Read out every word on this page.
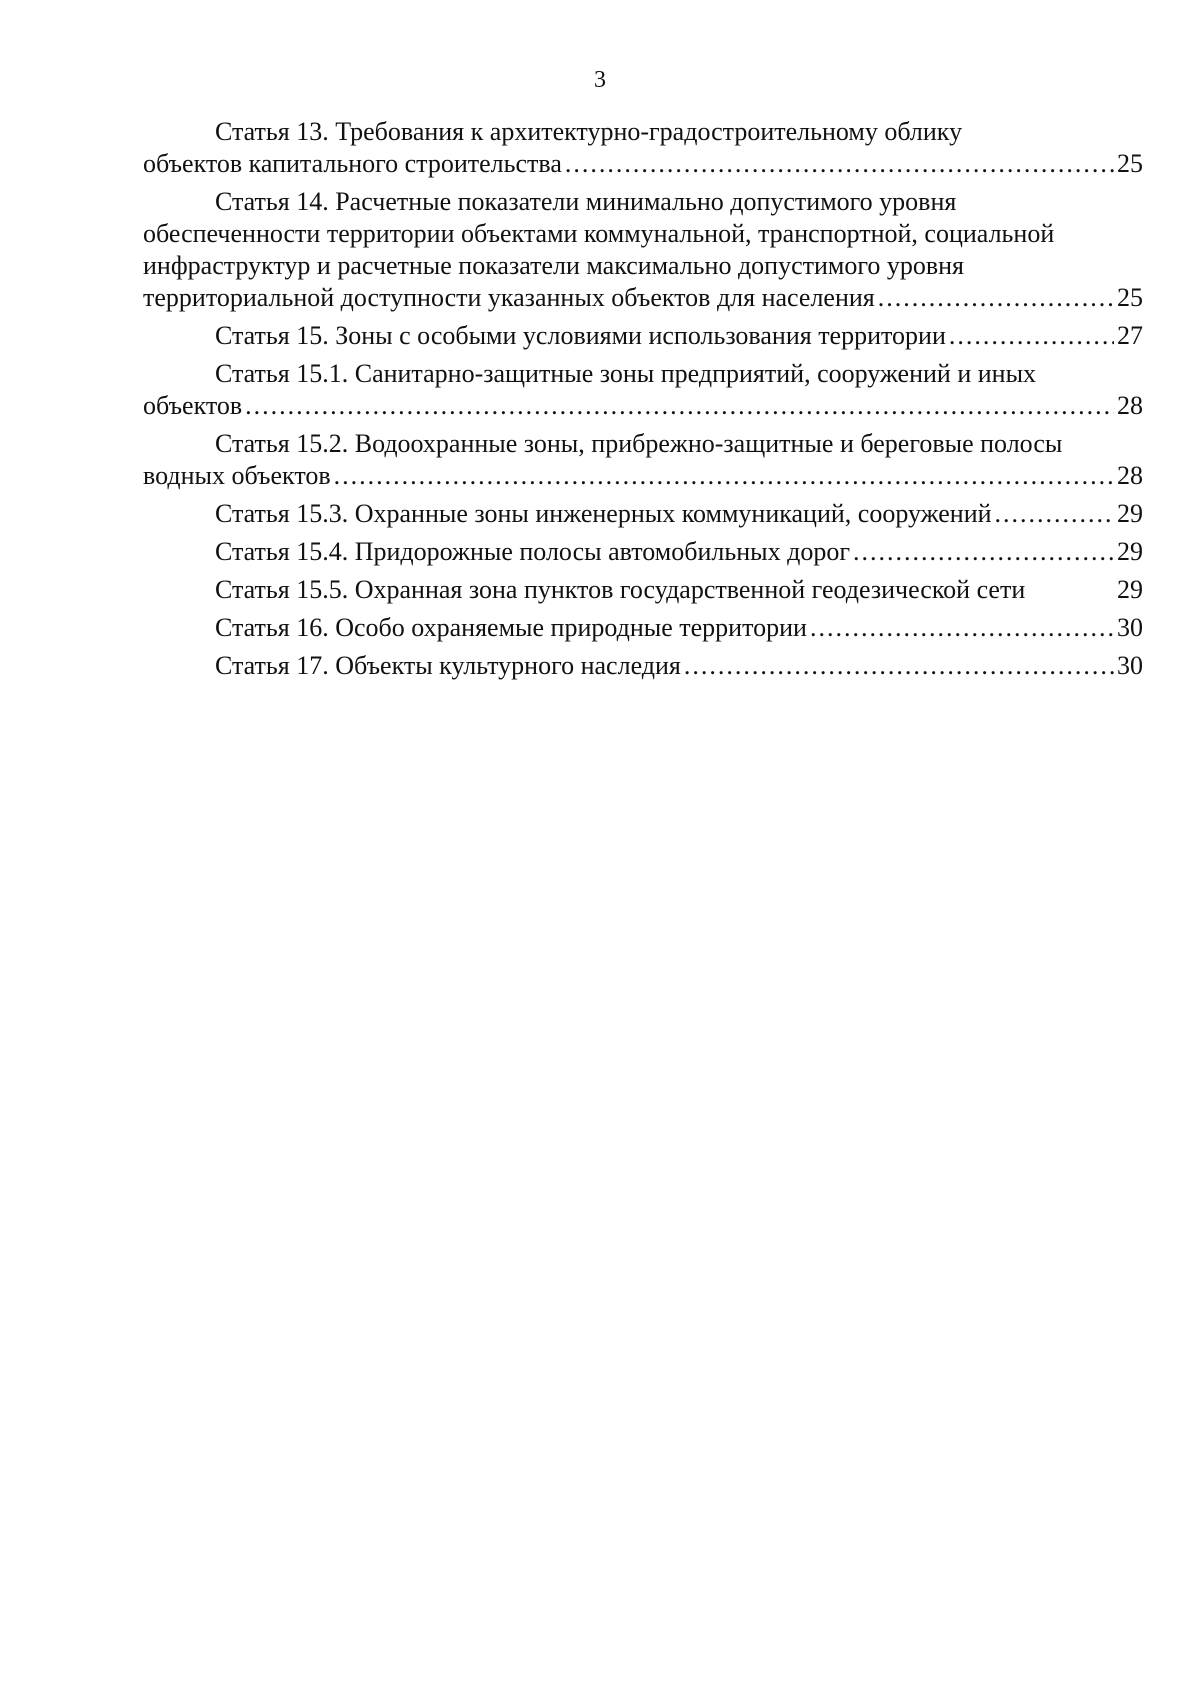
3
Статья 13. Требования к архитектурно-градостроительному облику
объектов капитального строительства .....	25
Статья 14. Расчетные показатели минимально допустимого уровня
обеспеченности территории объектами коммунальной, транспортной, социальной
инфраструктур и расчетные показатели максимально допустимого уровня
территориальной доступности указанных объектов для населения .....	25
Статья 15. Зоны с особыми условиями использования территории .....	27
Статья 15.1. Санитарно-защитные зоны предприятий, сооружений и иных
объектов .....	28
Статья 15.2. Водоохранные зоны, прибрежно-защитные и береговые полосы
водных объектов .....	28
Статья 15.3. Охранные зоны инженерных коммуникаций, сооружений .....	29
Статья 15.4. Придорожные полосы автомобильных дорог .....	29
Статья 15.5. Охранная зона пунктов государственной геодезической сети	29
Статья 16. Особо охраняемые природные территории .....	30
Статья 17. Объекты культурного наследия .....	30
